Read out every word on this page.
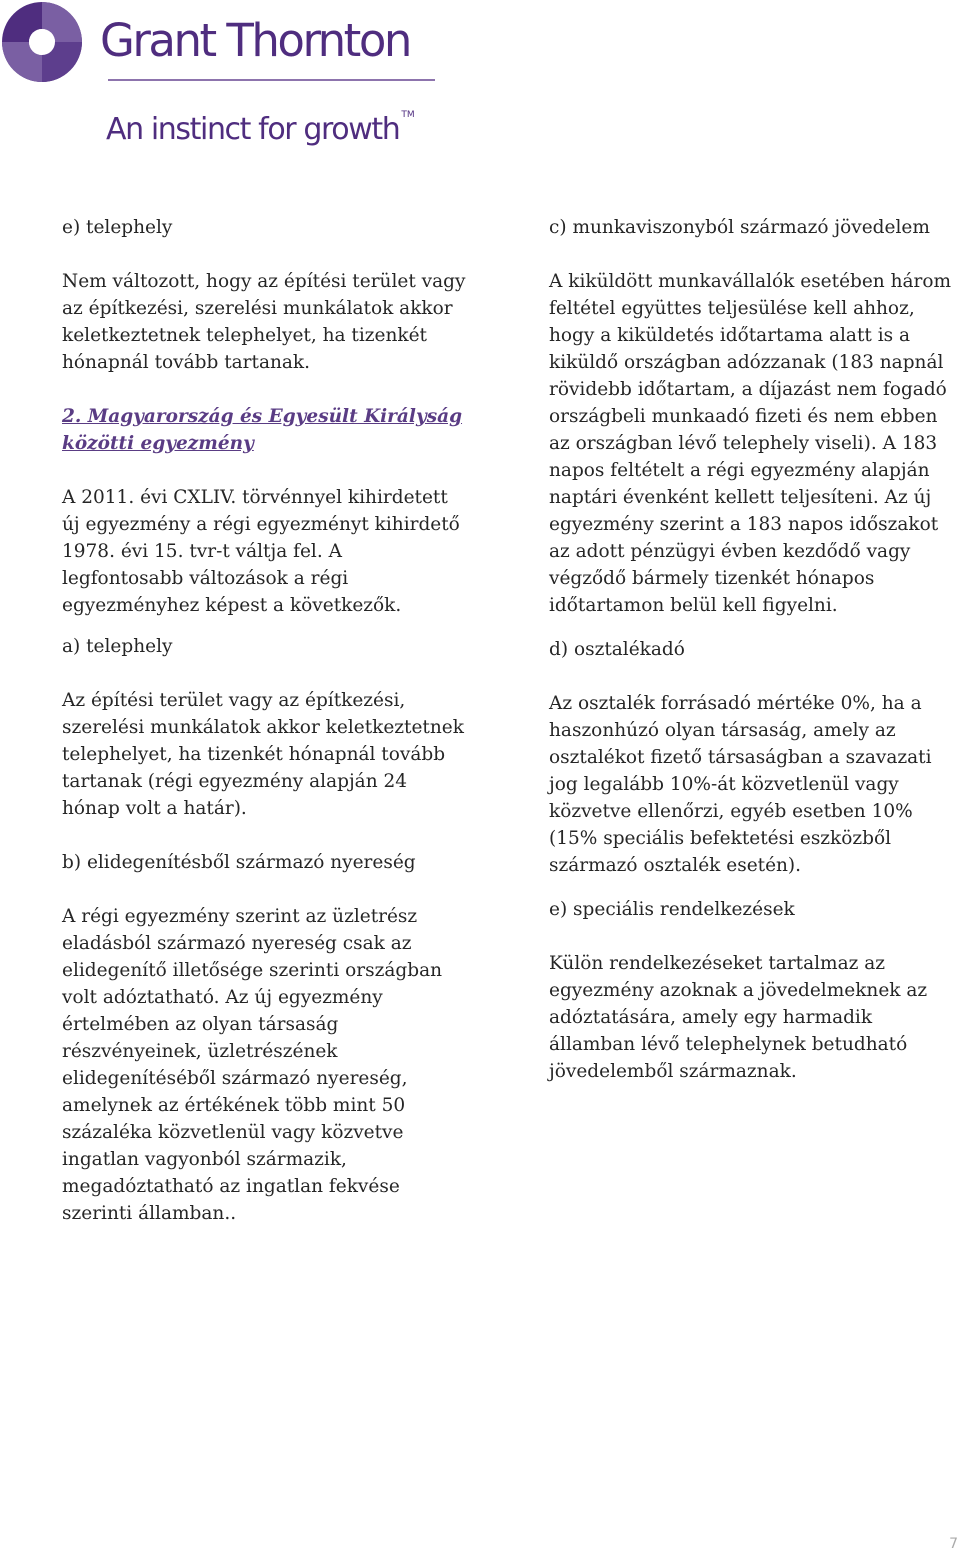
Grant Thornton
An instinct for growth ™

e) telephely

Nem változott, hogy az építési terület vagy az építkezési, szerelési munkálatok akkor keletkeztetnek telephelyet, ha tizenkét hónapnál tovább tartanak.

2. Magyarország és Egyesült Királyság közötti egyezmény

A 2011. évi CXLIV. törvénnyel kihirdetett új egyezmény a régi egyezményt kihirdető 1978. évi 15. tvr-t váltja fel. A legfontosabb változások a régi egyezményhez képest a következők.

a) telephely

Az építési terület vagy az építkezési, szerelési munkálatok akkor keletkeztetnek telephelyet, ha tizenkét hónapnál tovább tartanak (régi egyezmény alapján 24 hónap volt a határ).

b) elidegenítésből származó nyereség

A régi egyezmény szerint az üzletrész eladásból származó nyereség csak az elidegenítő illetősége szerinti országban volt adóztatható. Az új egyezmény értelmében az olyan társaság részvényeinek, üzletrészének elidegenítéséből származó nyereség, amelynek az értékének több mint 50 százaléka közvetlenül vagy közvetve ingatlan vagyonból származik, megadóztatható az ingatlan fekvése szerinti államban..

c) munkaviszonyból származó jövedelem

A kiküldött munkavállalók esetében három feltétel együttes teljesülése kell ahhoz, hogy a kiküldetés időtartama alatt is a kiküldő országban adózzanak (183 napnál rövidebb időtartam, a díjazást nem fogadó országbeli munkaadó fizeti és nem ebben az országban lévő telephely viseli). A 183 napos feltételt a régi egyezmény alapján naptári évenként kellett teljesíteni. Az új egyezmény szerint a 183 napos időszakot az adott pénzügyi évben kezdődő vagy végződő bármely tizenkét hónapos időtartamon belül kell figyelni.

d) osztalékadó

Az osztalék forrásadó mértéke 0%, ha a haszonhúzó olyan társaság, amely az osztalékot fizető társaságban a szavazati jog legalább 10%-át közvetlenül vagy közvetve ellenőrzi, egyéb esetben 10% (15% speciális befektetési eszközből származó osztalék esetén).

e) speciális rendelkezések

Külön rendelkezéseket tartalmaz az egyezmény azoknak a jövedelmeknek az adóztatására, amely egy harmadik államban lévő telephelynek betudható jövedelemből származnak.

7
